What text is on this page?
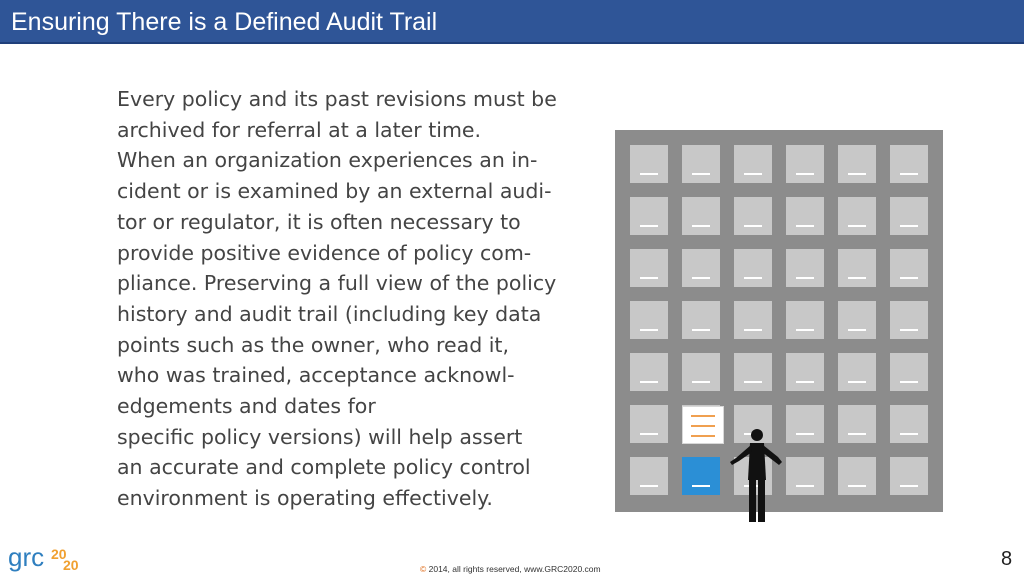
Ensuring There is a Defined Audit Trail
Every policy and its past revisions must be
archived for referral at a later time.
When an organization experiences an in-
cident or is examined by an external audi-
tor or regulator, it is often necessary to
provide positive evidence of policy com-
pliance. Preserving a full view of the policy
history and audit trail (including key data
points such as the owner, who read it,
who was trained, acceptance acknowl-
edgements and dates for
specific policy versions) will help assert
an accurate and complete policy control
environment is operating effectively.
grc 20
20	© 2014, all rights reserved, www.GRC2020.com	8
